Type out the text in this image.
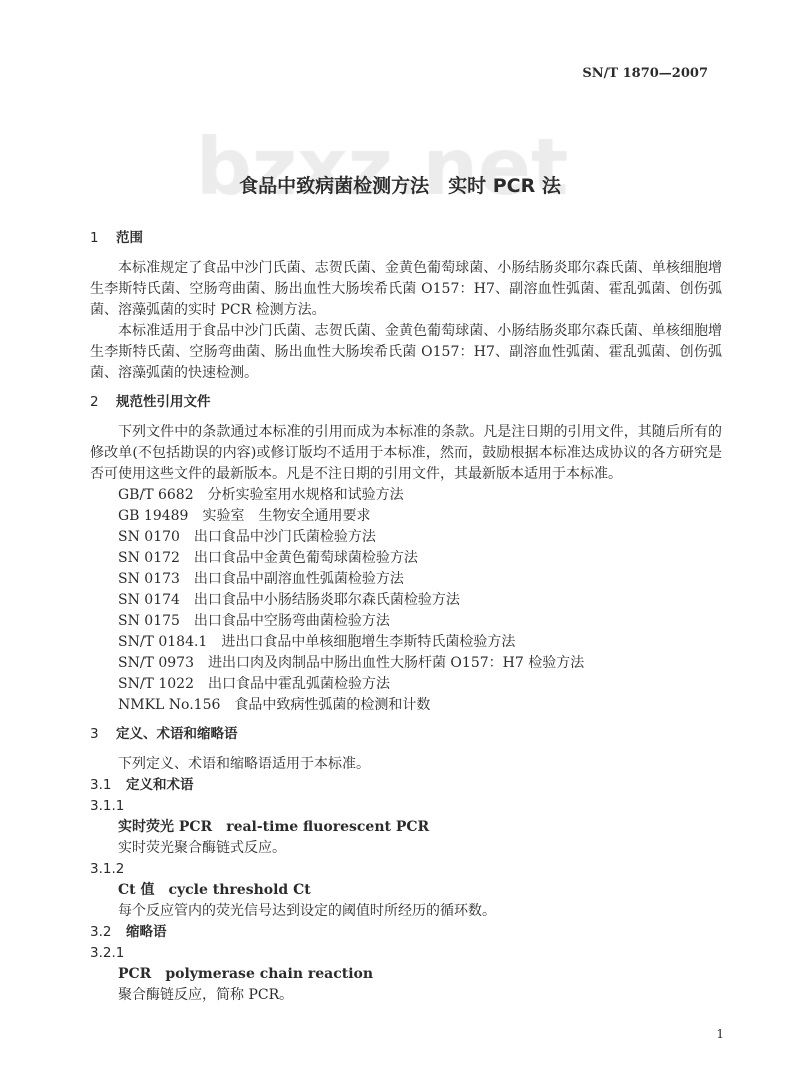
SN/T 1870—2007
食品中致病菌检测方法　实时 PCR 法
1 范围

本标准规定了食品中沙门氏菌、志贺氏菌、金黄色葡萄球菌、小肠结肠炎耶尔森氏菌、单核细胞增生李斯特氏菌、空肠弯曲菌、肠出血性大肠埃希氏菌 O157：H7、副溶血性弧菌、霍乱弧菌、创伤弧菌、溶藻弧菌的实时 PCR 检测方法。

本标准适用于食品中沙门氏菌、志贺氏菌、金黄色葡萄球菌、小肠结肠炎耶尔森氏菌、单核细胞增生李斯特氏菌、空肠弯曲菌、肠出血性大肠埃希氏菌 O157：H7、副溶血性弧菌、霍乱弧菌、创伤弧菌、溶藻弧菌的快速检测。

2 规范性引用文件

下列文件中的条款通过本标准的引用而成为本标准的条款。凡是注日期的引用文件，其随后所有的修改单(不包括勘误的内容)或修订版均不适用于本标准，然而，鼓励根据本标准达成协议的各方研究是否可使用这些文件的最新版本。凡是不注日期的引用文件，其最新版本适用于本标准。

GB/T 6682 分析实验室用水规格和试验方法
GB 19489 实验室　生物安全通用要求
SN 0170 出口食品中沙门氏菌检验方法
SN 0172 出口食品中金黄色葡萄球菌检验方法
SN 0173 出口食品中副溶血性弧菌检验方法
SN 0174 出口食品中小肠结肠炎耶尔森氏菌检验方法
SN 0175 出口食品中空肠弯曲菌检验方法
SN/T 0184.1 进出口食品中单核细胞增生李斯特氏菌检验方法
SN/T 0973 进出口肉及肉制品中肠出血性大肠杆菌 O157：H7 检验方法
SN/T 1022 出口食品中霍乱弧菌检验方法
NMKL No.156 食品中致病性弧菌的检测和计数
3 定义、术语和缩略语

下列定义、术语和缩略语适用于本标准。

3.1 定义和术语
3.1.1
实时荧光 PCR real-time fluorescent PCR
实时荧光聚合酶链式反应。
3.1.2
Ct 值 cycle threshold Ct
每个反应管内的荧光信号达到设定的阈值时所经历的循环数。
3.2 缩略语
3.2.1
PCR polymerase chain reaction
聚合酶链反应，简称 PCR。
1
